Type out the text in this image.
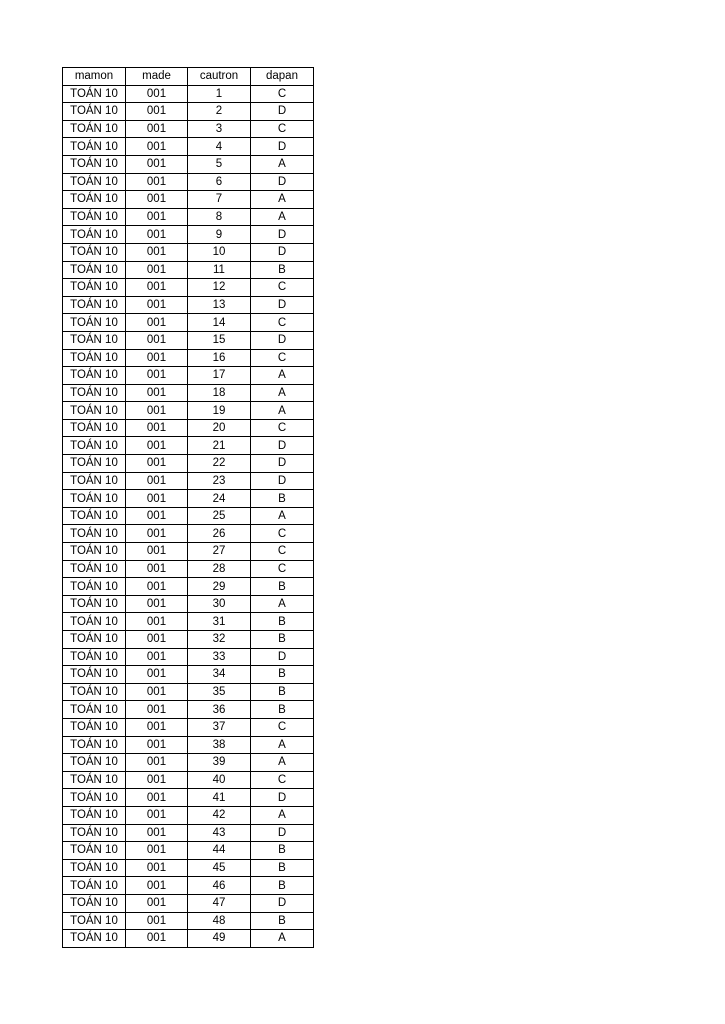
mamon	made	cautron	dapan
TOÁN 10	001	1	C
TOÁN 10	001	2	D
TOÁN 10	001	3	C
TOÁN 10	001	4	D
TOÁN 10	001	5	A
TOÁN 10	001	6	D
TOÁN 10	001	7	A
TOÁN 10	001	8	A
TOÁN 10	001	9	D
TOÁN 10	001	10	D
TOÁN 10	001	11	B
TOÁN 10	001	12	C
TOÁN 10	001	13	D
TOÁN 10	001	14	C
TOÁN 10	001	15	D
TOÁN 10	001	16	C
TOÁN 10	001	17	A
TOÁN 10	001	18	A
TOÁN 10	001	19	A
TOÁN 10	001	20	C
TOÁN 10	001	21	D
TOÁN 10	001	22	D
TOÁN 10	001	23	D
TOÁN 10	001	24	B
TOÁN 10	001	25	A
TOÁN 10	001	26	C
TOÁN 10	001	27	C
TOÁN 10	001	28	C
TOÁN 10	001	29	B
TOÁN 10	001	30	A
TOÁN 10	001	31	B
TOÁN 10	001	32	B
TOÁN 10	001	33	D
TOÁN 10	001	34	B
TOÁN 10	001	35	B
TOÁN 10	001	36	B
TOÁN 10	001	37	C
TOÁN 10	001	38	A
TOÁN 10	001	39	A
TOÁN 10	001	40	C
TOÁN 10	001	41	D
TOÁN 10	001	42	A
TOÁN 10	001	43	D
TOÁN 10	001	44	B
TOÁN 10	001	45	B
TOÁN 10	001	46	B
TOÁN 10	001	47	D
TOÁN 10	001	48	B
TOÁN 10	001	49	A
